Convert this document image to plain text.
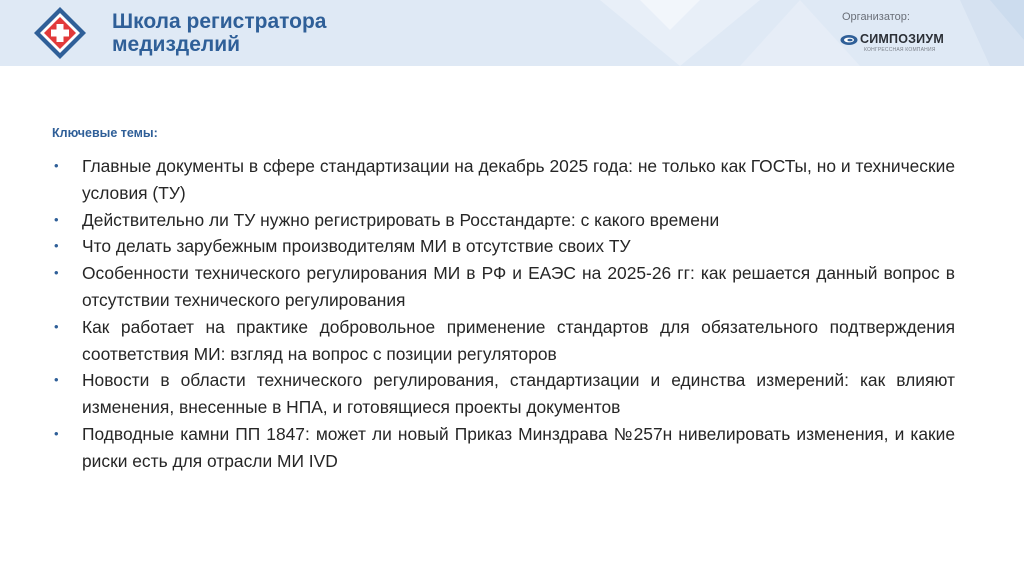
Школа регистратора
медизделий
Организатор:
СИМПОЗИУМ
КОНГРЕССНАЯ КОМПАНИЯ
Ключевые темы:
• Главные документы в сфере стандартизации на декабрь 2025 года: не только как ГОСТы, но и технические условия (ТУ)
• Действительно ли ТУ нужно регистрировать в Росстандарте: с какого времени
• Что делать зарубежным производителям МИ в отсутствие своих ТУ
• Особенности технического регулирования МИ в РФ и ЕАЭС на 2025-26 гг: как решается данный вопрос в отсутствии технического регулирования
• Как работает на практике добровольное применение стандартов для обязательного подтверждения соответствия МИ: взгляд на вопрос с позиции регуляторов
• Новости в области технического регулирования, стандартизации и единства измерений: как влияют изменения, внесенные в НПА, и готовящиеся проекты документов
• Подводные камни ПП 1847: может ли новый Приказ Минздрава №257н нивелировать изменения, и какие риски есть для отрасли МИ IVD
